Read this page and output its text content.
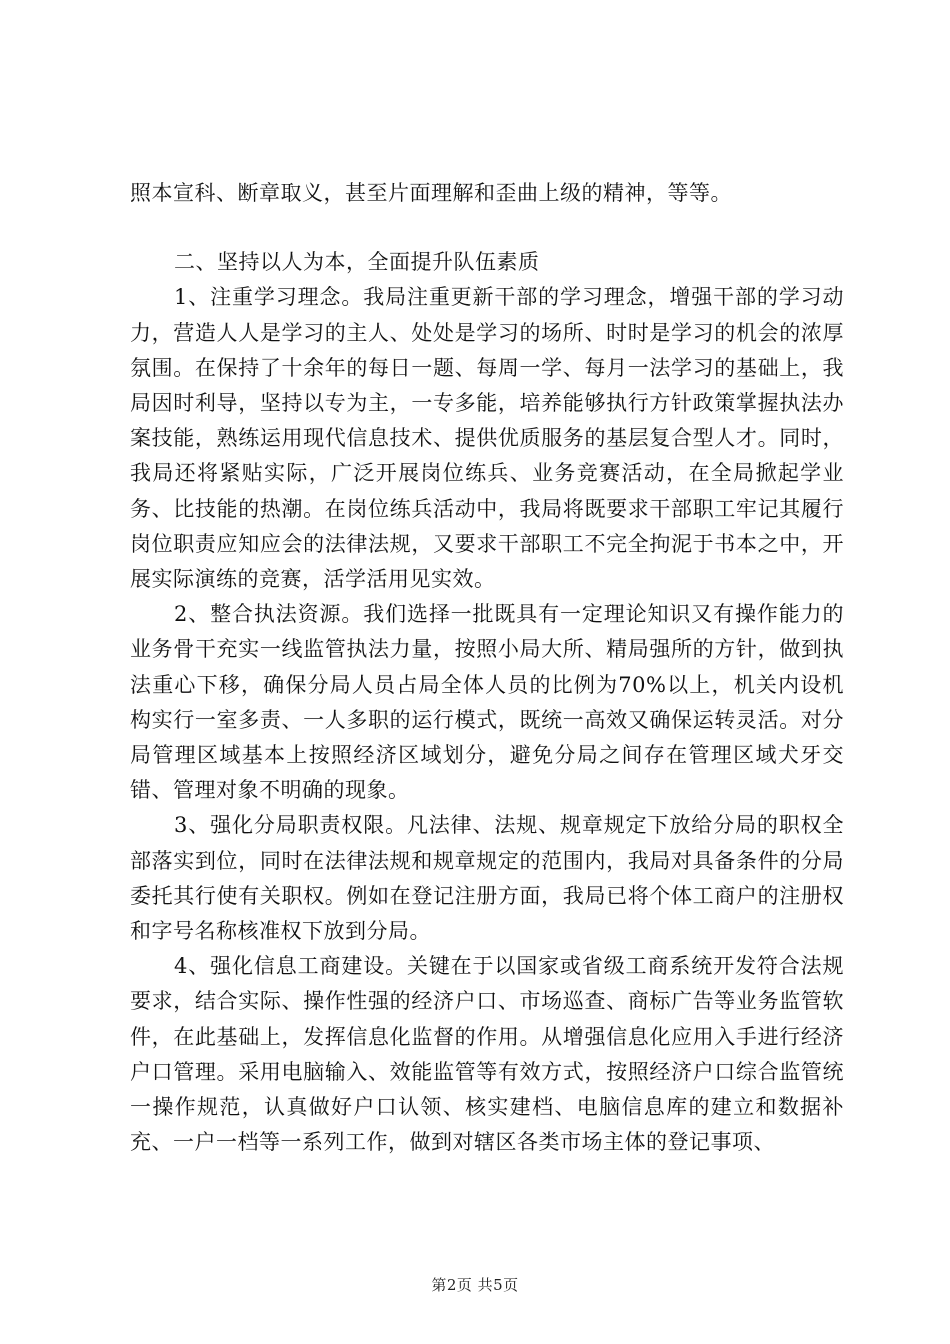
照本宣科、断章取义，甚至片面理解和歪曲上级的精神，等等。

二、坚持以人为本，全面提升队伍素质

1、注重学习理念。我局注重更新干部的学习理念，增强干部的学习动力，营造人人是学习的主人、处处是学习的场所、时时是学习的机会的浓厚氛围。在保持了十余年的每日一题、每周一学、每月一法学习的基础上，我局因时利导，坚持以专为主，一专多能，培养能够执行方针政策掌握执法办案技能，熟练运用现代信息技术、提供优质服务的基层复合型人才。同时，我局还将紧贴实际，广泛开展岗位练兵、业务竞赛活动，在全局掀起学业务、比技能的热潮。在岗位练兵活动中，我局将既要求干部职工牢记其履行岗位职责应知应会的法律法规，又要求干部职工不完全拘泥于书本之中，开展实际演练的竞赛，活学活用见实效。

2、整合执法资源。我们选择一批既具有一定理论知识又有操作能力的业务骨干充实一线监管执法力量，按照小局大所、精局强所的方针，做到执法重心下移，确保分局人员占局全体人员的比例为70%以上，机关内设机构实行一室多责、一人多职的运行模式，既统一高效又确保运转灵活。对分局管理区域基本上按照经济区域划分，避免分局之间存在管理区域犬牙交错、管理对象不明确的现象。

3、强化分局职责权限。凡法律、法规、规章规定下放给分局的职权全部落实到位，同时在法律法规和规章规定的范围内，我局对具备条件的分局委托其行使有关职权。例如在登记注册方面，我局已将个体工商户的注册权和字号名称核准权下放到分局。

4、强化信息工商建设。关键在于以国家或省级工商系统开发符合法规要求，结合实际、操作性强的经济户口、市场巡查、商标广告等业务监管软件，在此基础上，发挥信息化监督的作用。从增强信息化应用入手进行经济户口管理。采用电脑输入、效能监管等有效方式，按照经济户口综合监管统一操作规范，认真做好户口认领、核实建档、电脑信息库的建立和数据补充、一户一档等一系列工作，做到对辖区各类市场主体的登记事项、

第2页 共5页
